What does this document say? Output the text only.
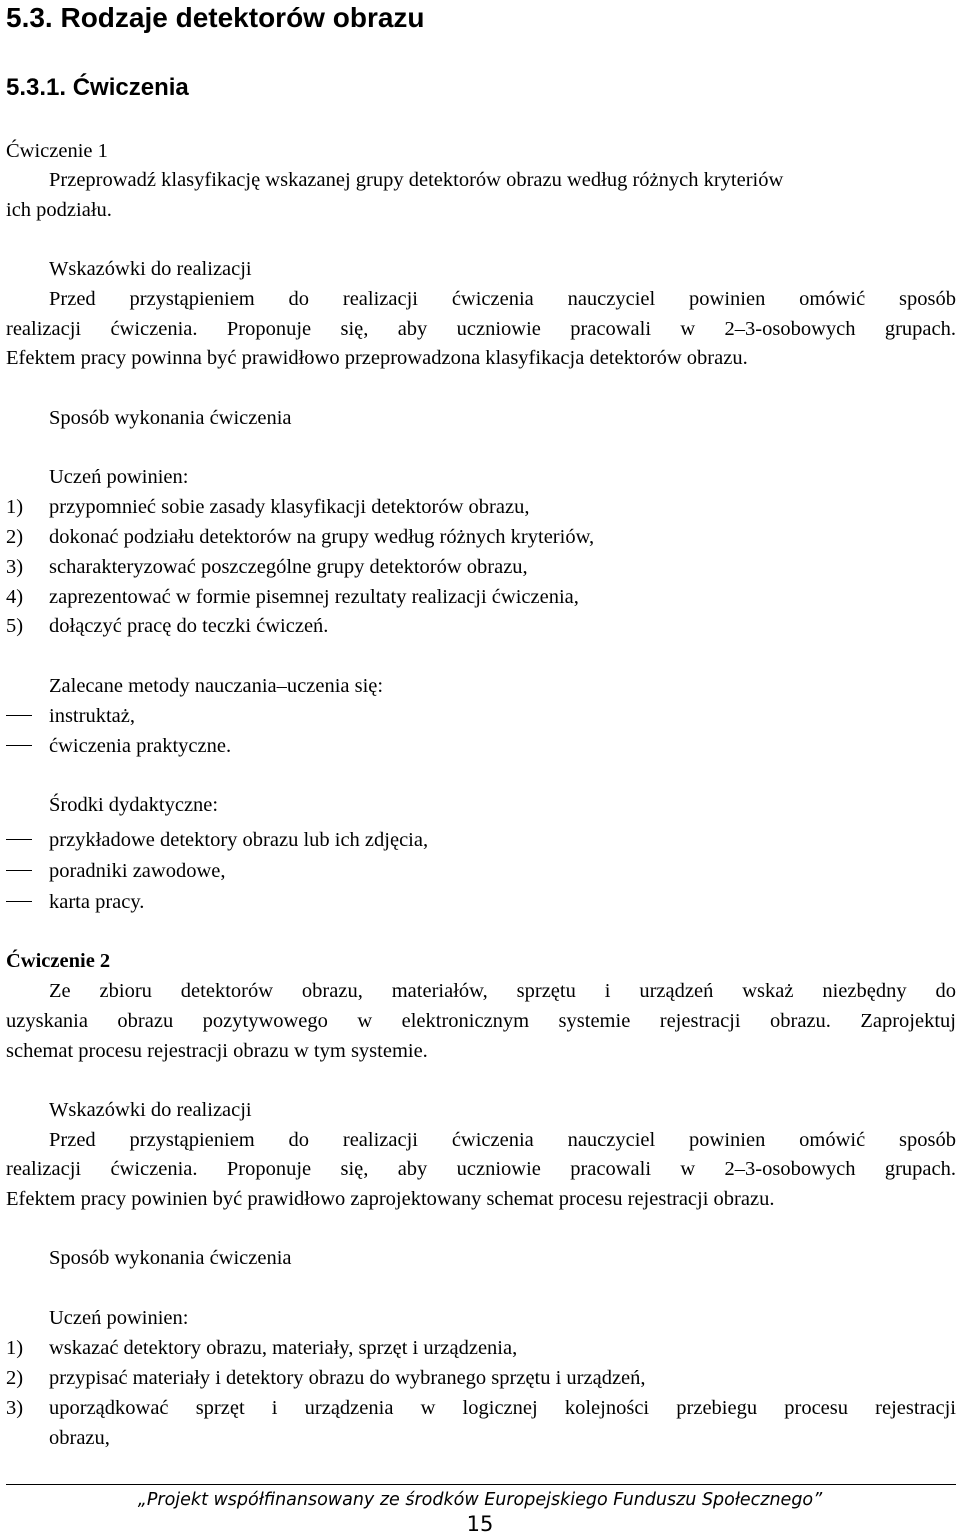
5.3. Rodzaje detektorów obrazu
5.3.1. Ćwiczenia
Ćwiczenie 1
Przeprowadź klasyfikację wskazanej grupy detektorów obrazu według różnych kryteriów
ich podziału.
Wskazówki do realizacji
Przed przystąpieniem do realizacji ćwiczenia nauczyciel powinien omówić sposób
realizacji ćwiczenia. Proponuje się, aby uczniowie pracowali w 2–3-osobowych grupach.
Efektem pracy powinna być prawidłowo przeprowadzona klasyfikacja detektorów obrazu.
Sposób wykonania ćwiczenia
Uczeń powinien:
1) przypomnieć sobie zasady klasyfikacji detektorów obrazu,
2) dokonać podziału detektorów na grupy według różnych kryteriów,
3) scharakteryzować poszczególne grupy detektorów obrazu,
4) zaprezentować w formie pisemnej rezultaty realizacji ćwiczenia,
5) dołączyć pracę do teczki ćwiczeń.
Zalecane metody nauczania–uczenia się:
instruktaż,
ćwiczenia praktyczne.
Środki dydaktyczne:
przykładowe detektory obrazu lub ich zdjęcia,
poradniki zawodowe,
karta pracy.
Ćwiczenie 2
Ze zbioru detektorów obrazu, materiałów, sprzętu i urządzeń wskaż niezbędny do
uzyskania obrazu pozytywowego w elektronicznym systemie rejestracji obrazu. Zaprojektuj
schemat procesu rejestracji obrazu w tym systemie.
Wskazówki do realizacji
Przed przystąpieniem do realizacji ćwiczenia nauczyciel powinien omówić sposób
realizacji ćwiczenia. Proponuje się, aby uczniowie pracowali w 2–3-osobowych grupach.
Efektem pracy powinien być prawidłowo zaprojektowany schemat procesu rejestracji obrazu.
Sposób wykonania ćwiczenia
Uczeń powinien:
1) wskazać detektory obrazu, materiały, sprzęt i urządzenia,
2) przypisać materiały i detektory obrazu do wybranego sprzętu i urządzeń,
3) uporządkować sprzęt i urządzenia w logicznej kolejności przebiegu procesu rejestracji
obrazu,
„Projekt współfinansowany ze środków Europejskiego Funduszu Społecznego”
15
